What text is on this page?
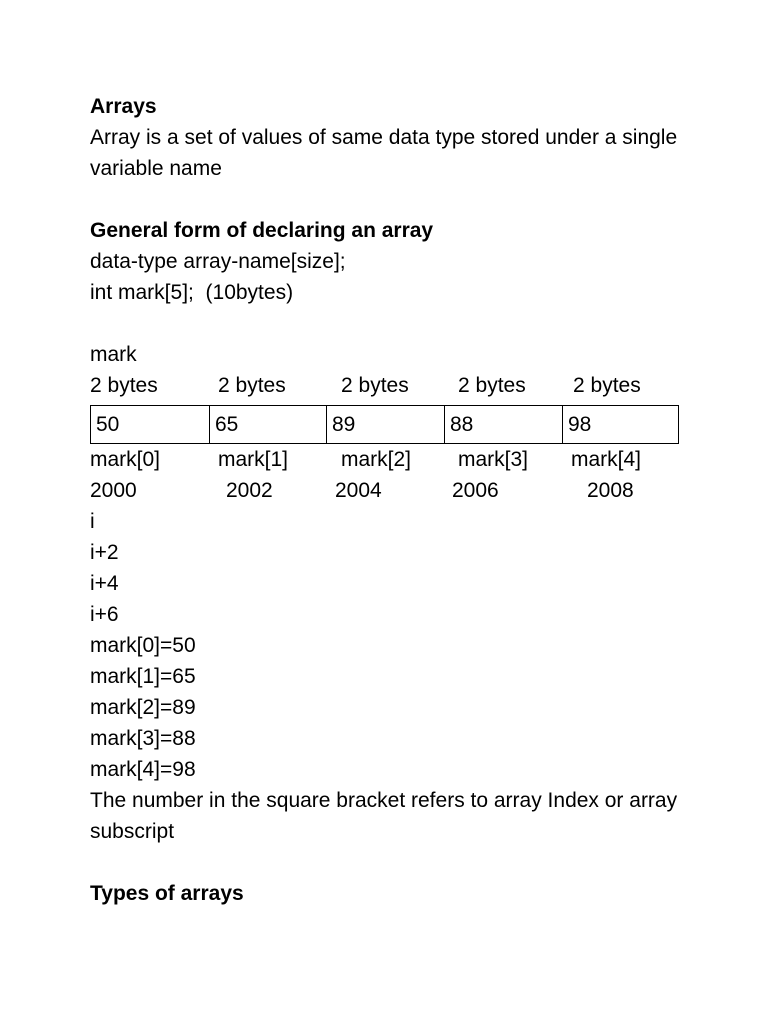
Arrays
Array is a set of values of same data type stored under a single variable name
General form of declaring an array
data-type array-name[size];
int mark[5];  (10bytes)
mark
2 bytes	2 bytes	2 bytes 2 bytes 2 bytes
50	65	89	88	98
mark[0]	mark[1]	mark[2] mark[3] mark[4]
2000	2002	2004	2006	2008
i
i+2
i+4
i+6
mark[0]=50
mark[1]=65
mark[2]=89
mark[3]=88
mark[4]=98
The number in the square bracket refers to array Index or array subscript
Types of arrays
